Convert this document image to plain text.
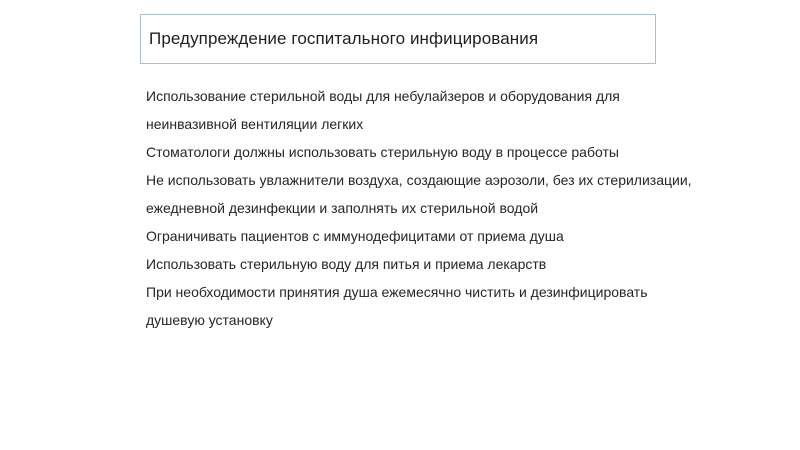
Предупреждение госпитального инфицирования
Использование стерильной воды для небулайзеров и оборудования для неинвазивной вентиляции легких
Стоматологи должны использовать стерильную воду в процессе работы
Не использовать увлажнители воздуха, создающие аэрозоли, без их стерилизации, ежедневной дезинфекции и заполнять их стерильной водой
Ограничивать пациентов с иммунодефицитами от приема душа
Использовать стерильную воду для питья и приема лекарств
При необходимости принятия душа ежемесячно чистить и дезинфицировать душевую установку
